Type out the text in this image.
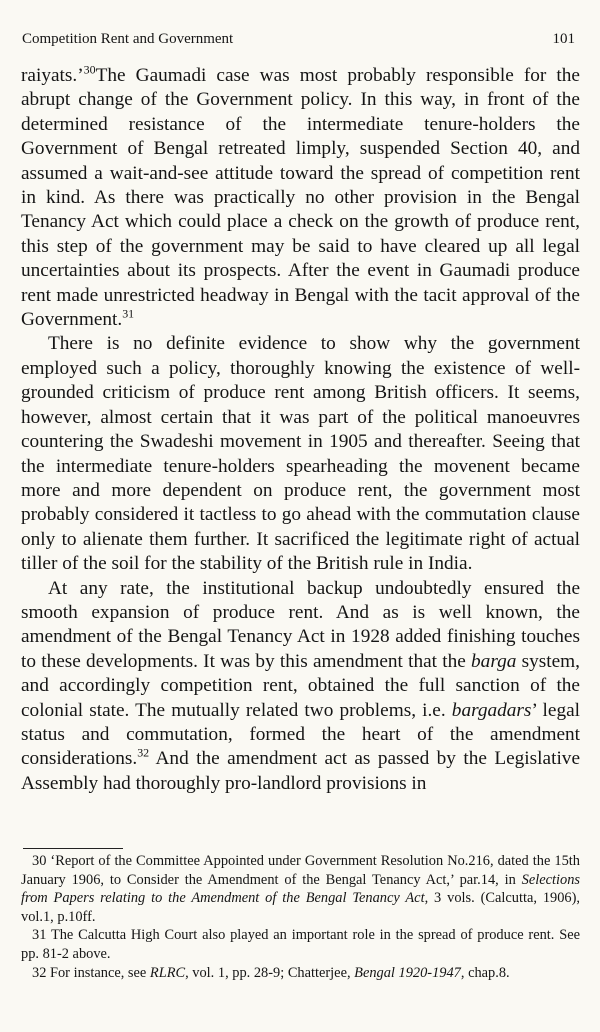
Competition Rent and Government	101

raiyats.’$^{30}$The Gaumadi case was most probably responsible for the abrupt change of the Government policy. In this way, in front of the determined resistance of the intermediate tenure-holders the Government of Bengal retreated limply, suspended Section 40, and assumed a wait-and-see attitude toward the spread of competition rent in kind. As there was practically no other provision in the Bengal Tenancy Act which could place a check on the growth of produce rent, this step of the government may be said to have cleared up all legal uncertainties about its prospects. After the event in Gaumadi produce rent made unrestricted headway in Bengal with the tacit approval of the Government.$^{31}$

There is no definite evidence to show why the government employed such a policy, thoroughly knowing the existence of well-grounded criticism of produce rent among British officers. It seems, however, almost certain that it was part of the political manoeuvres countering the Swadeshi movement in 1905 and thereafter. Seeing that the intermediate tenure-holders spearheading the movenent became more and more dependent on produce rent, the government most probably considered it tactless to go ahead with the commutation clause only to alienate them further. It sacrificed the legitimate right of actual tiller of the soil for the stability of the British rule in India.

At any rate, the institutional backup undoubtedly ensured the smooth expansion of produce rent. And as is well known, the amendment of the Bengal Tenancy Act in 1928 added finishing touches to these developments. It was by this amendment that the barga system, and accordingly competition rent, obtained the full sanction of the colonial state. The mutually related two problems, i.e. bargadars’ legal status and commutation, formed the heart of the amendment considerations.$^{32}$ And the amendment act as passed by the Legislative Assembly had thoroughly pro-landlord provisions in

30 ‘Report of the Committee Appointed under Government Resolution No.216, dated the 15th January 1906, to Consider the Amendment of the Bengal Tenancy Act,’ par.14, in Selections from Papers relating to the Amendment of the Bengal Tenancy Act, 3 vols. (Calcutta, 1906), vol.1, p.10ff.

31 The Calcutta High Court also played an important role in the spread of produce rent. See pp. 81-2 above.

32 For instance, see RLRC, vol. 1, pp. 28-9; Chatterjee, Bengal 1920-1947, chap.8.
